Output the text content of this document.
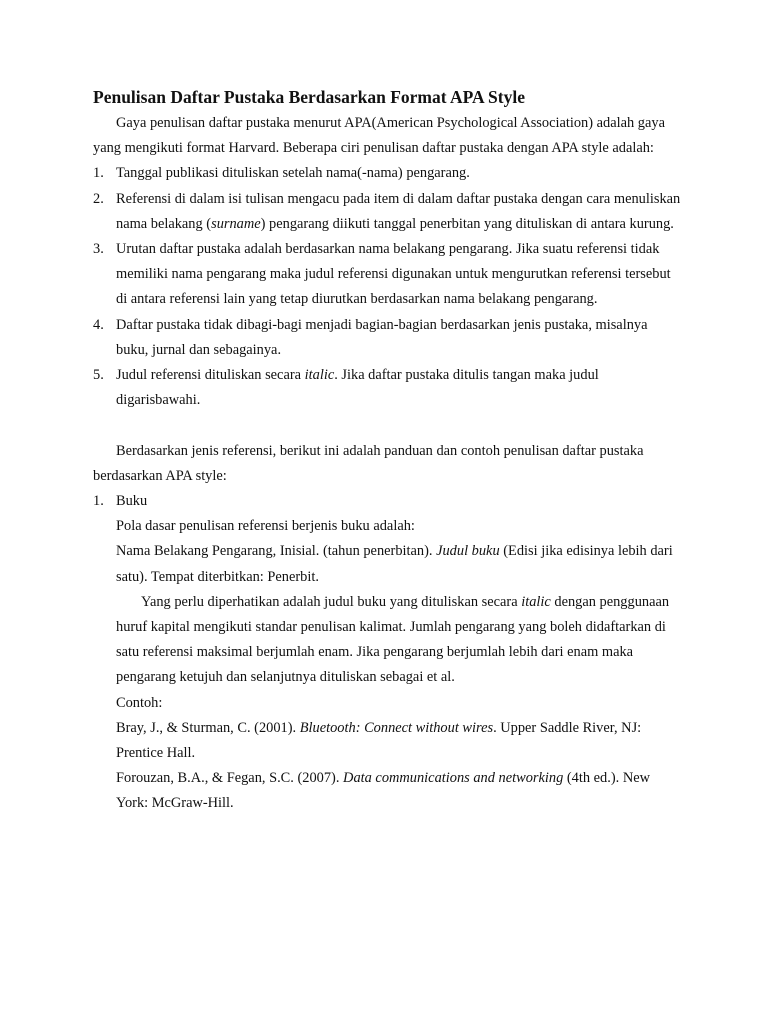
Penulisan Daftar Pustaka Berdasarkan Format APA Style

Gaya penulisan daftar pustaka menurut APA(American Psychological Association) adalah gaya yang mengikuti format Harvard. Beberapa ciri penulisan daftar pustaka dengan APA style adalah:

1. Tanggal publikasi dituliskan setelah nama(-nama) pengarang.
2. Referensi di dalam isi tulisan mengacu pada item di dalam daftar pustaka dengan cara menuliskan nama belakang (surname) pengarang diikuti tanggal penerbitan yang dituliskan di antara kurung.
3. Urutan daftar pustaka adalah berdasarkan nama belakang pengarang. Jika suatu referensi tidak memiliki nama pengarang maka judul referensi digunakan untuk mengurutkan referensi tersebut di antara referensi lain yang tetap diurutkan berdasarkan nama belakang pengarang.
4. Daftar pustaka tidak dibagi-bagi menjadi bagian-bagian berdasarkan jenis pustaka, misalnya buku, jurnal dan sebagainya.
5. Judul referensi dituliskan secara italic. Jika daftar pustaka ditulis tangan maka judul digarisbawahi.

Berdasarkan jenis referensi, berikut ini adalah panduan dan contoh penulisan daftar pustaka berdasarkan APA style:

1. Buku

Pola dasar penulisan referensi berjenis buku adalah:

Nama Belakang Pengarang, Inisial. (tahun penerbitan). Judul buku (Edisi jika edisinya lebih dari satu). Tempat diterbitkan: Penerbit.

Yang perlu diperhatikan adalah judul buku yang dituliskan secara italic dengan penggunaan huruf kapital mengikuti standar penulisan kalimat. Jumlah pengarang yang boleh didaftarkan di satu referensi maksimal berjumlah enam. Jika pengarang berjumlah lebih dari enam maka pengarang ketujuh dan selanjutnya dituliskan sebagai et al.

Contoh:

Bray, J., & Sturman, C. (2001). Bluetooth: Connect without wires. Upper Saddle River, NJ: Prentice Hall.

Forouzan, B.A., & Fegan, S.C. (2007). Data communications and networking (4th ed.). New York: McGraw-Hill.
